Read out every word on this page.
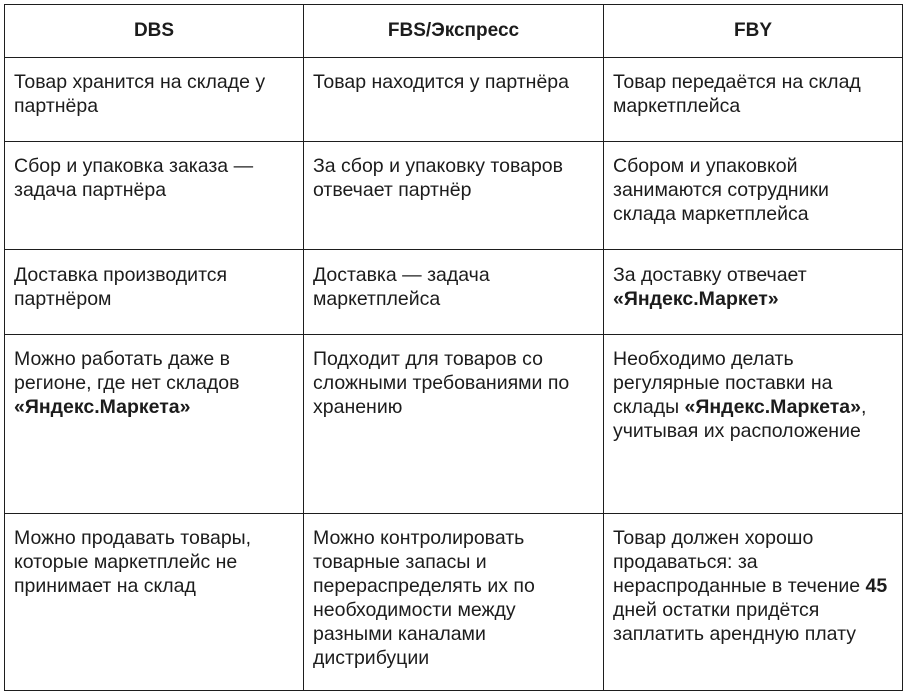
DBS	FBS/Экспресс	FBY
Товар хранится на складе у партнёра	Товар находится у партнёра	Товар передаётся на склад маркетплейса
Сбор и упаковка заказа — задача партнёра	За сбор и упаковку товаров отвечает партнёр	Сбором и упаковкой занимаются сотрудники склада маркетплейса
Доставка производится партнёром	Доставка — задача маркетплейса	За доставку отвечает «Яндекс.Маркет»
Можно работать даже в регионе, где нет складов «Яндекс.Маркета»	Подходит для товаров со сложными требованиями по хранению	Необходимо делать регулярные поставки на склады «Яндекс.Маркета», учитывая их расположение
Можно продавать товары, которые маркетплейс не принимает на склад	Можно контролировать товарные запасы и перераспределять их по необходимости между разными каналами дистрибуции	Товар должен хорошо продаваться: за нераспроданные в течение 45 дней остатки придётся заплатить арендную плату
